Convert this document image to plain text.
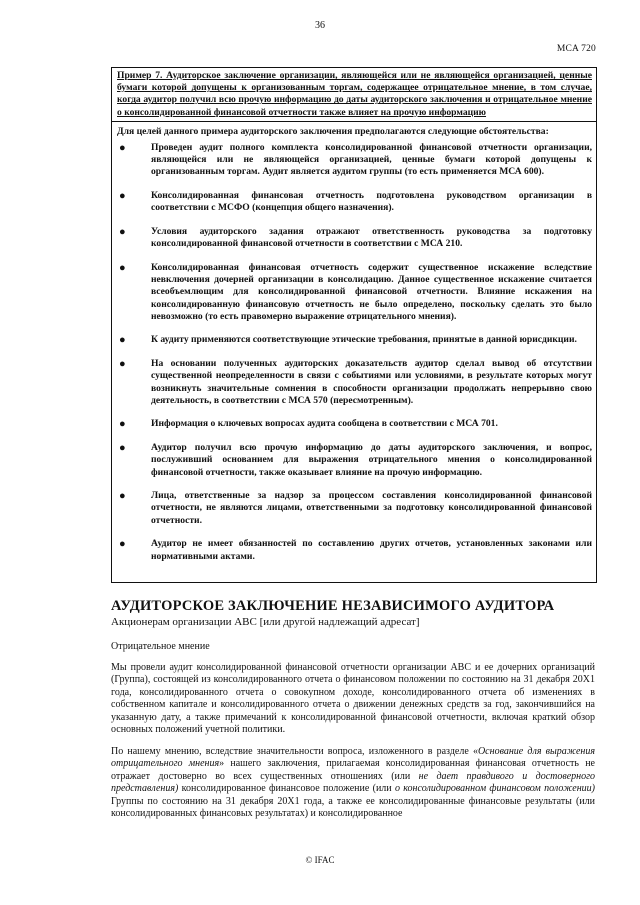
36
MCA 720

Пример 7. Аудиторское заключение организации, являющейся или не являющейся организацией, ценные бумаги которой допущены к организованным торгам, содержащее отрицательное мнение, в том случае, когда аудитор получил всю прочую информацию до даты аудиторского заключения и отрицательное мнение о консолидированной финансовой отчетности также влияет на прочую информацию

Для целей данного примера аудиторского заключения предполагаются следующие обстоятельства:

●	Проведен аудит полного комплекта консолидированной финансовой отчетности организации, являющейся или не являющейся организацией, ценные бумаги которой допущены к организованным торгам. Аудит является аудитом группы (то есть применяется МСА 600).
●	Консолидированная финансовая отчетность подготовлена руководством организации в соответствии с МСФО (концепция общего назначения).
●	Условия аудиторского задания отражают ответственность руководства за подготовку консолидированной финансовой отчетности в соответствии с МСА 210.
●	Консолидированная финансовая отчетность содержит существенное искажение вследствие невключения дочерней организации в консолидацию. Данное существенное искажение считается всеобъемлющим для консолидированной финансовой отчетности. Влияние искажения на консолидированную финансовую отчетность не было определено, поскольку сделать это было невозможно (то есть правомерно выражение отрицательного мнения).
●	К аудиту применяются соответствующие этические требования, принятые в данной юрисдикции.
●	На основании полученных аудиторских доказательств аудитор сделал вывод об отсутствии существенной неопределенности в связи с событиями или условиями, в результате которых могут возникнуть значительные сомнения в способности организации продолжать непрерывно свою деятельность, в соответствии с МСА 570 (пересмотренным).
●	Информация о ключевых вопросах аудита сообщена в соответствии с МСА 701.
●	Аудитор получил всю прочую информацию до даты аудиторского заключения, и вопрос, послуживший основанием для выражения отрицательного мнения о консолидированной финансовой отчетности, также оказывает влияние на прочую информацию.
●	Лица, ответственные за надзор за процессом составления консолидированной финансовой отчетности, не являются лицами, ответственными за подготовку консолидированной финансовой отчетности.
●	Аудитор не имеет обязанностей по составлению других отчетов, установленных законами или нормативными актами.
АУДИТОРСКОЕ ЗАКЛЮЧЕНИЕ НЕЗАВИСИМОГО АУДИТОРА
Акционерам организации ABC [или другой надлежащий адресат]
Отрицательное мнение

Мы провели аудит консолидированной финансовой отчетности организации ABC и ее дочерних организаций (Группа), состоящей из консолидированного отчета о финансовом положении по состоянию на 31 декабря 20X1 года, консолидированного отчета о совокупном доходе, консолидированного отчета об изменениях в собственном капитале и консолидированного отчета о движении денежных средств за год, закончившийся на указанную дату, а также примечаний к консолидированной финансовой отчетности, включая краткий обзор основных положений учетной политики.

По нашему мнению, вследствие значительности вопроса, изложенного в разделе «Основание для выражения отрицательного мнения» нашего заключения, прилагаемая консолидированная финансовая отчетность не отражает достоверно во всех существенных отношениях (или не дает правдивого и достоверного представления) консолидированное финансовое положение (или о консолидированном финансовом положении) Группы по состоянию на 31 декабря 20X1 года, а также ее консолидированные финансовые результаты (или консолидированных финансовых результатах) и консолидированное

© IFAC
